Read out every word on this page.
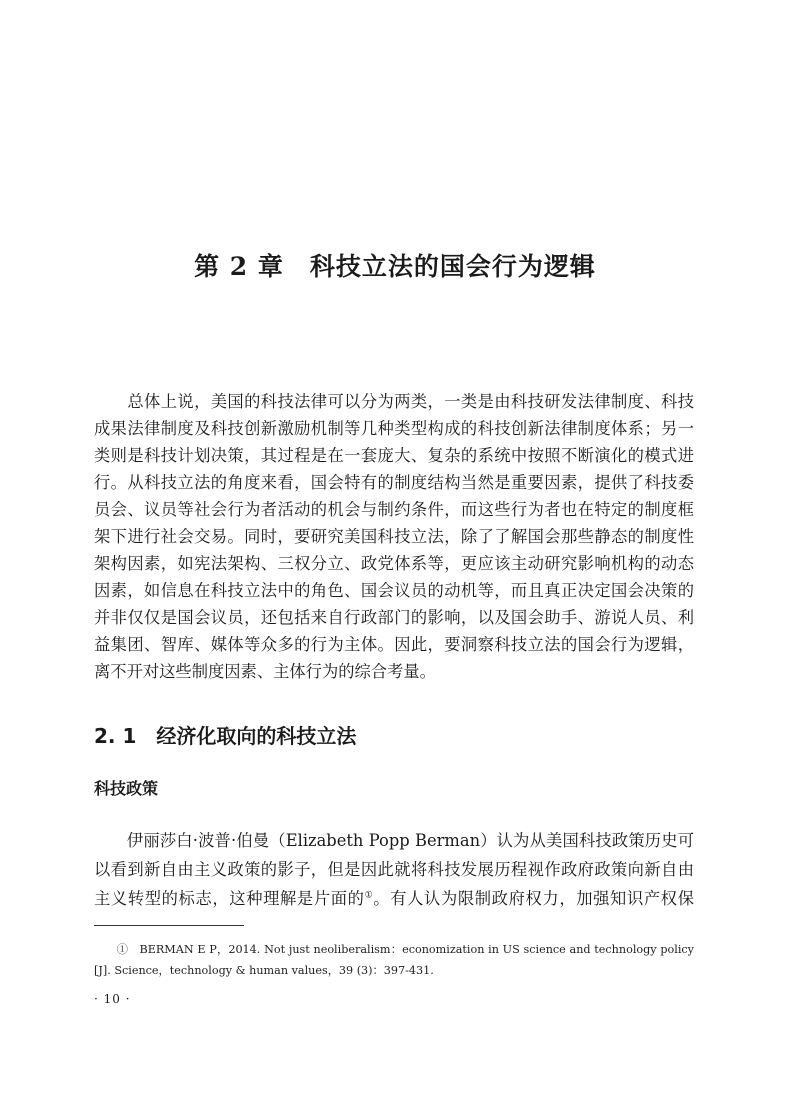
第 2 章　科技立法的国会行为逻辑
　　总体上说，美国的科技法律可以分为两类，一类是由科技研发法律制度、科技
成果法律制度及科技创新激励机制等几种类型构成的科技创新法律制度体系；另一
类则是科技计划决策，其过程是在一套庞大、复杂的系统中按照不断演化的模式进
行。从科技立法的角度来看，国会特有的制度结构当然是重要因素，提供了科技委
员会、议员等社会行为者活动的机会与制约条件，而这些行为者也在特定的制度框
架下进行社会交易。同时，要研究美国科技立法，除了了解国会那些静态的制度性
架构因素，如宪法架构、三权分立、政党体系等，更应该主动研究影响机构的动态
因素，如信息在科技立法中的角色、国会议员的动机等，而且真正决定国会决策的
并非仅仅是国会议员，还包括来自行政部门的影响，以及国会助手、游说人员、利
益集团、智库、媒体等众多的行为主体。因此，要洞察科技立法的国会行为逻辑，
离不开对这些制度因素、主体行为的综合考量。
2. 1　经济化取向的科技立法
科技政策
　　伊丽莎白·波普·伯曼（Elizabeth Popp Berman）认为从美国科技政策历史可
以看到新自由主义政策的影子，但是因此就将科技发展历程视作政府政策向新自由
主义转型的标志，这种理解是片面的①。有人认为限制政府权力，加强知识产权保
　　①　BERMAN E P，2014. Not just neoliberalism：economization in US science and technology policy
[J]. Science，technology & human values，39 (3)：397-431.
· 10 ·
